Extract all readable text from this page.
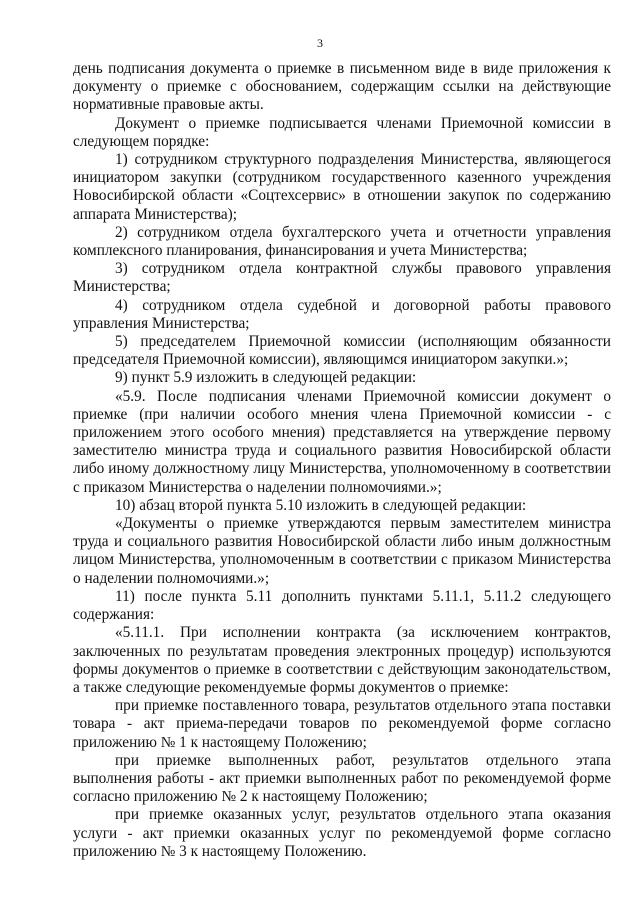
3

день подписания документа о приемке в письменном виде в виде приложения к документу о приемке с обоснованием, содержащим ссылки на действующие нормативные правовые акты.

Документ о приемке подписывается членами Приемочной комиссии в следующем порядке:

1) сотрудником структурного подразделения Министерства, являющегося инициатором закупки (сотрудником государственного казенного учреждения Новосибирской области «Соцтехсервис» в отношении закупок по содержанию аппарата Министерства);

2) сотрудником отдела бухгалтерского учета и отчетности управления комплексного планирования, финансирования и учета Министерства;

3) сотрудником отдела контрактной службы правового управления Министерства;

4) сотрудником отдела судебной и договорной работы правового управления Министерства;

5) председателем Приемочной комиссии (исполняющим обязанности председателя Приемочной комиссии), являющимся инициатором закупки.»;

9) пункт 5.9 изложить в следующей редакции:

«5.9. После подписания членами Приемочной комиссии документ о приемке (при наличии особого мнения члена Приемочной комиссии - с приложением этого особого мнения) представляется на утверждение первому заместителю министра труда и социального развития Новосибирской области либо иному должностному лицу Министерства, уполномоченному в соответствии с приказом Министерства о наделении полномочиями.»;

10) абзац второй пункта 5.10 изложить в следующей редакции:

«Документы о приемке утверждаются первым заместителем министра труда и социального развития Новосибирской области либо иным должностным лицом Министерства, уполномоченным в соответствии с приказом Министерства о наделении полномочиями.»;

11) после пункта 5.11 дополнить пунктами 5.11.1, 5.11.2 следующего содержания:

«5.11.1. При исполнении контракта (за исключением контрактов, заключенных по результатам проведения электронных процедур) используются формы документов о приемке в соответствии с действующим законодательством, а также следующие рекомендуемые формы документов о приемке:

при приемке поставленного товара, результатов отдельного этапа поставки товара - акт приема-передачи товаров по рекомендуемой форме согласно приложению № 1 к настоящему Положению;

при приемке выполненных работ, результатов отдельного этапа выполнения работы - акт приемки выполненных работ по рекомендуемой форме согласно приложению № 2 к настоящему Положению;

при приемке оказанных услуг, результатов отдельного этапа оказания услуги - акт приемки оказанных услуг по рекомендуемой форме согласно приложению № 3 к настоящему Положению.
